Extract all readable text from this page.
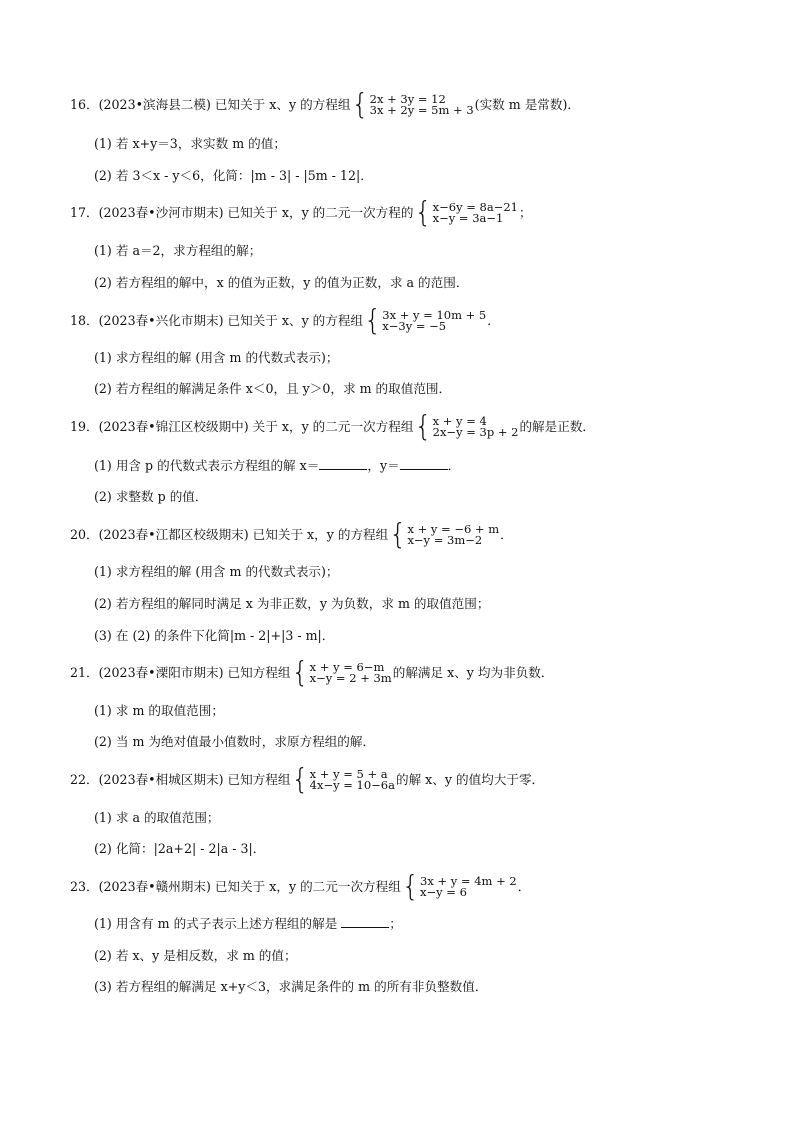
16．(2023•滨海县二模) 已知关于 x、y 的方程组 { 2x + 3y = 12
3x + 2y = 5m + 3 (实数 m 是常数)．
(1) 若 x+y＝3，求实数 m 的值；
(2) 若 3＜x - y＜6，化简：|m - 3| - |5m - 12|．
17．(2023春•沙河市期末) 已知关于 x，y 的二元一次方程的 { x−6y = 8a−21
x−y = 3a−1	；
(1) 若 a＝2，求方程组的解；
(2) 若方程组的解中，x 的值为正数，y 的值为正数，求 a 的范围．
18．(2023春•兴化市期末) 已知关于 x、y 的方程组 { 3x + y = 10m + 5
x−3y = −5	．
(1) 求方程组的解 (用含 m 的代数式表示)；
(2) 若方程组的解满足条件 x＜0，且 y＞0，求 m 的取值范围．
19．(2023春•锦江区校级期中) 关于 x，y 的二元一次方程组 { x + y = 4
2x−y = 3p + 2 的解是正数．
(1) 用含 p 的代数式表示方程组的解 x＝	，y＝	．
(2) 求整数 p 的值．
20．(2023春•江都区校级期末) 已知关于 x，y 的方程组 { x + y = −6 + m
x−y = 3m−2	．
(1) 求方程组的解 (用含 m 的代数式表示)；
(2) 若方程组的解同时满足 x 为非正数，y 为负数，求 m 的取值范围；
(3) 在 (2) 的条件下化简|m - 2|+|3 - m|．
21．(2023春•溧阳市期末) 已知方程组 { x + y = 6−m
x−y = 2 + 3m 的解满足 x、y 均为非负数．
(1) 求 m 的取值范围；
(2) 当 m 为绝对值最小值数时，求原方程组的解．
22．(2023春•相城区期末) 已知方程组 { x + y = 5 + a
4x−y = 10−6a 的解 x、y 的值均大于零．
(1) 求 a 的取值范围；
(2) 化简：|2a+2| - 2|a - 3|．
23．(2023春•赣州期末) 已知关于 x，y 的二元一次方程组 { 3x + y = 4m + 2
x−y = 6	．
(1) 用含有 m 的式子表示上述方程组的解是	；
(2) 若 x、y 是相反数，求 m 的值；
(3) 若方程组的解满足 x+y＜3，求满足条件的 m 的所有非负整数值．
